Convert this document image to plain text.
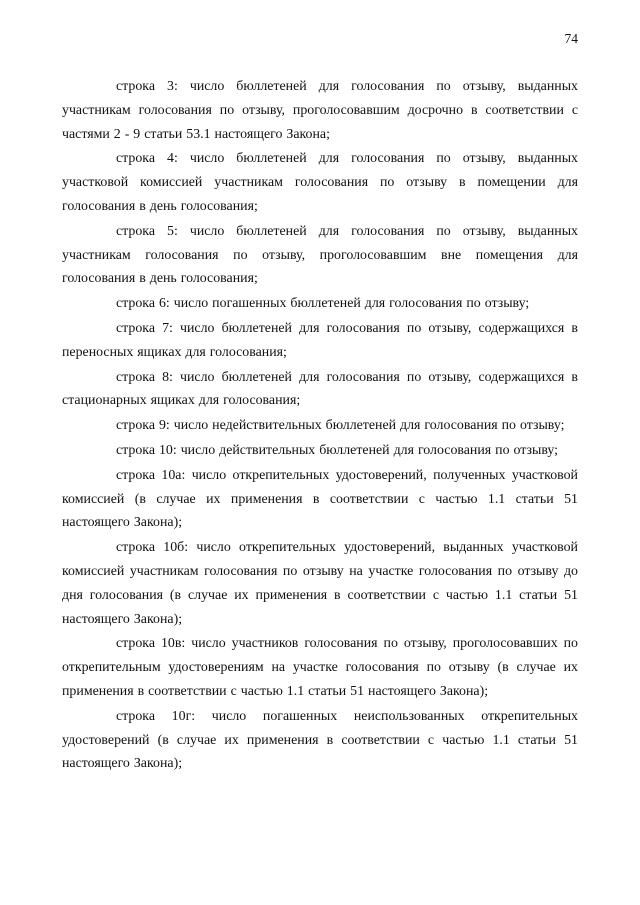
74

строка 3: число бюллетеней для голосования по отзыву, выданных участникам голосования по отзыву, проголосовавшим досрочно в соответствии с частями 2 - 9 статьи 53.1 настоящего Закона;

строка 4: число бюллетеней для голосования по отзыву, выданных участковой комиссией участникам голосования по отзыву в помещении для голосования в день голосования;

строка 5: число бюллетеней для голосования по отзыву, выданных участникам голосования по отзыву, проголосовавшим вне помещения для голосования в день голосования;

строка 6: число погашенных бюллетеней для голосования по отзыву;

строка 7: число бюллетеней для голосования по отзыву, содержащихся в переносных ящиках для голосования;

строка 8: число бюллетеней для голосования по отзыву, содержащихся в стационарных ящиках для голосования;

строка 9: число недействительных бюллетеней для голосования по отзыву;

строка 10: число действительных бюллетеней для голосования по отзыву;

строка 10а: число открепительных удостоверений, полученных участковой комиссией (в случае их применения в соответствии с частью 1.1 статьи 51 настоящего Закона);

строка 10б: число открепительных удостоверений, выданных участковой комиссией участникам голосования по отзыву на участке голосования по отзыву до дня голосования (в случае их применения в соответствии с частью 1.1 статьи 51 настоящего Закона);

строка 10в: число участников голосования по отзыву, проголосовавших по открепительным удостоверениям на участке голосования по отзыву (в случае их применения в соответствии с частью 1.1 статьи 51 настоящего Закона);

строка 10г: число погашенных неиспользованных открепительных удостоверений (в случае их применения в соответствии с частью 1.1 статьи 51 настоящего Закона);
